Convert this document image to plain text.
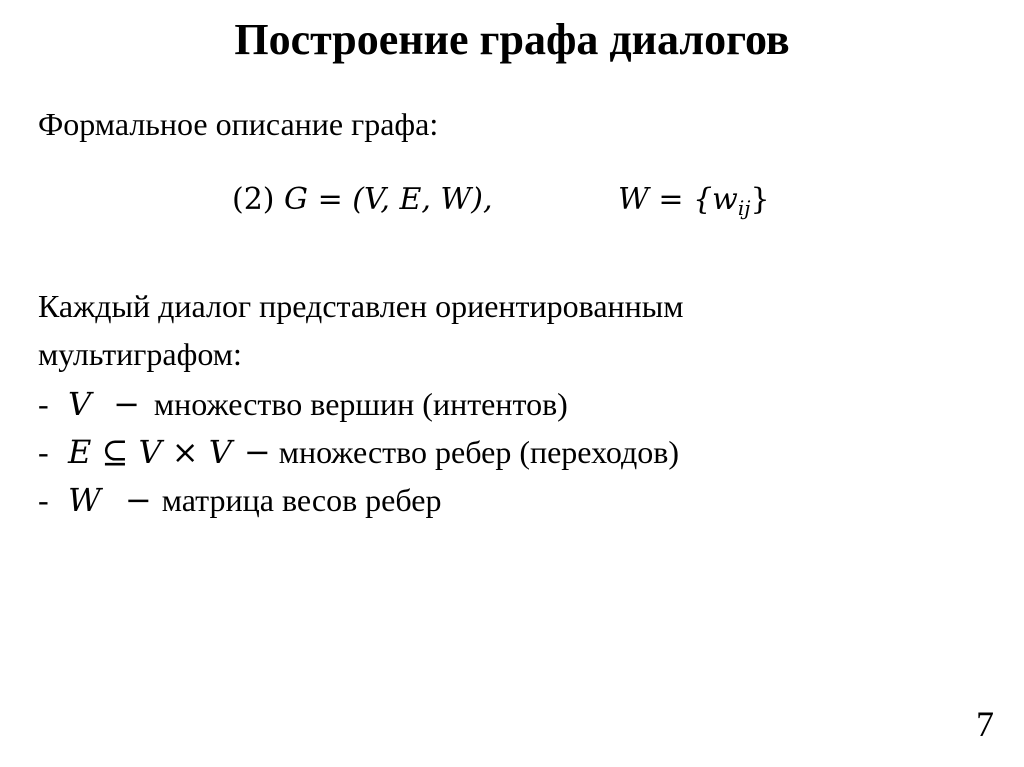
Построение графа диалогов
Формальное описание графа:
(2) G = (V, E, W),	$W = \{w_{ij}\}$
Каждый диалог представлен ориентированным
мультиграфом:
- V − множество вершин (интентов)
- E ⊆ V × V − множество ребер (переходов)
- W − матрица весов ребер
7
